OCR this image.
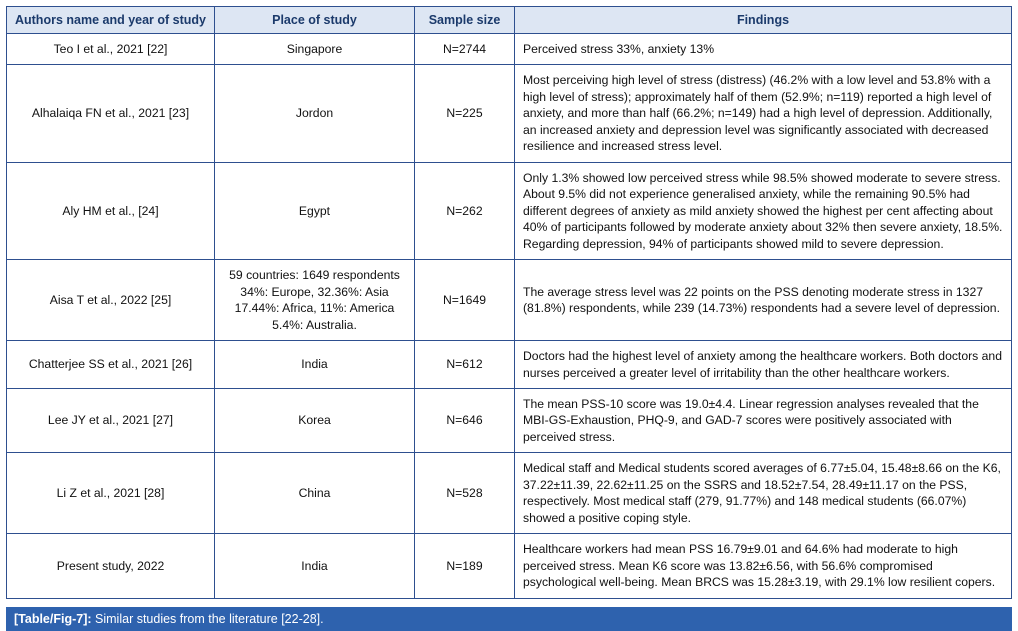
Authors name and year of study	Place of study	Sample size	Findings
Teo I et al., 2021 [22]	Singapore	N=2744	Perceived stress 33%, anxiety 13%
Alhalaiqa FN et al., 2021 [23]	Jordon	N=225	Most perceiving high level of stress (distress) (46.2% with a low level and 53.8% with a high level of stress); approximately half of them (52.9%; n=119) reported a high level of anxiety, and more than half (66.2%; n=149) had a high level of depression. Additionally, an increased anxiety and depression level was significantly associated with decreased resilience and increased stress level.
Aly HM et al., [24]	Egypt	N=262	Only 1.3% showed low perceived stress while 98.5% showed moderate to severe stress. About 9.5% did not experience generalised anxiety, while the remaining 90.5% had different degrees of anxiety as mild anxiety showed the highest per cent affecting about 40% of participants followed by moderate anxiety about 32% then severe anxiety, 18.5%. Regarding depression, 94% of participants showed mild to severe depression.
Aisa T et al., 2022 [25]	59 countries: 1649 respondents 34%: Europe, 32.36%: Asia 17.44%: Africa, 11%: America 5.4%: Australia.	N=1649	The average stress level was 22 points on the PSS denoting moderate stress in 1327 (81.8%) respondents, while 239 (14.73%) respondents had a severe level of depression.
Chatterjee SS et al., 2021 [26]	India	N=612	Doctors had the highest level of anxiety among the healthcare workers. Both doctors and nurses perceived a greater level of irritability than the other healthcare workers.
Lee JY et al., 2021 [27]	Korea	N=646	The mean PSS-10 score was 19.0±4.4. Linear regression analyses revealed that the MBI-GS-Exhaustion, PHQ-9, and GAD-7 scores were positively associated with perceived stress.
Li Z et al., 2021 [28]	China	N=528	Medical staff and Medical students scored averages of 6.77±5.04, 15.48±8.66 on the K6, 37.22±11.39, 22.62±11.25 on the SSRS and 18.52±7.54, 28.49±11.17 on the PSS, respectively. Most medical staff (279, 91.77%) and 148 medical students (66.07%) showed a positive coping style.
Present study, 2022	India	N=189	Healthcare workers had mean PSS 16.79±9.01 and 64.6% had moderate to high perceived stress. Mean K6 score was 13.82±6.56, with 56.6% compromised psychological well-being. Mean BRCS was 15.28±3.19, with 29.1% low resilient copers.
[Table/Fig-7]: Similar studies from the literature [22-28].
